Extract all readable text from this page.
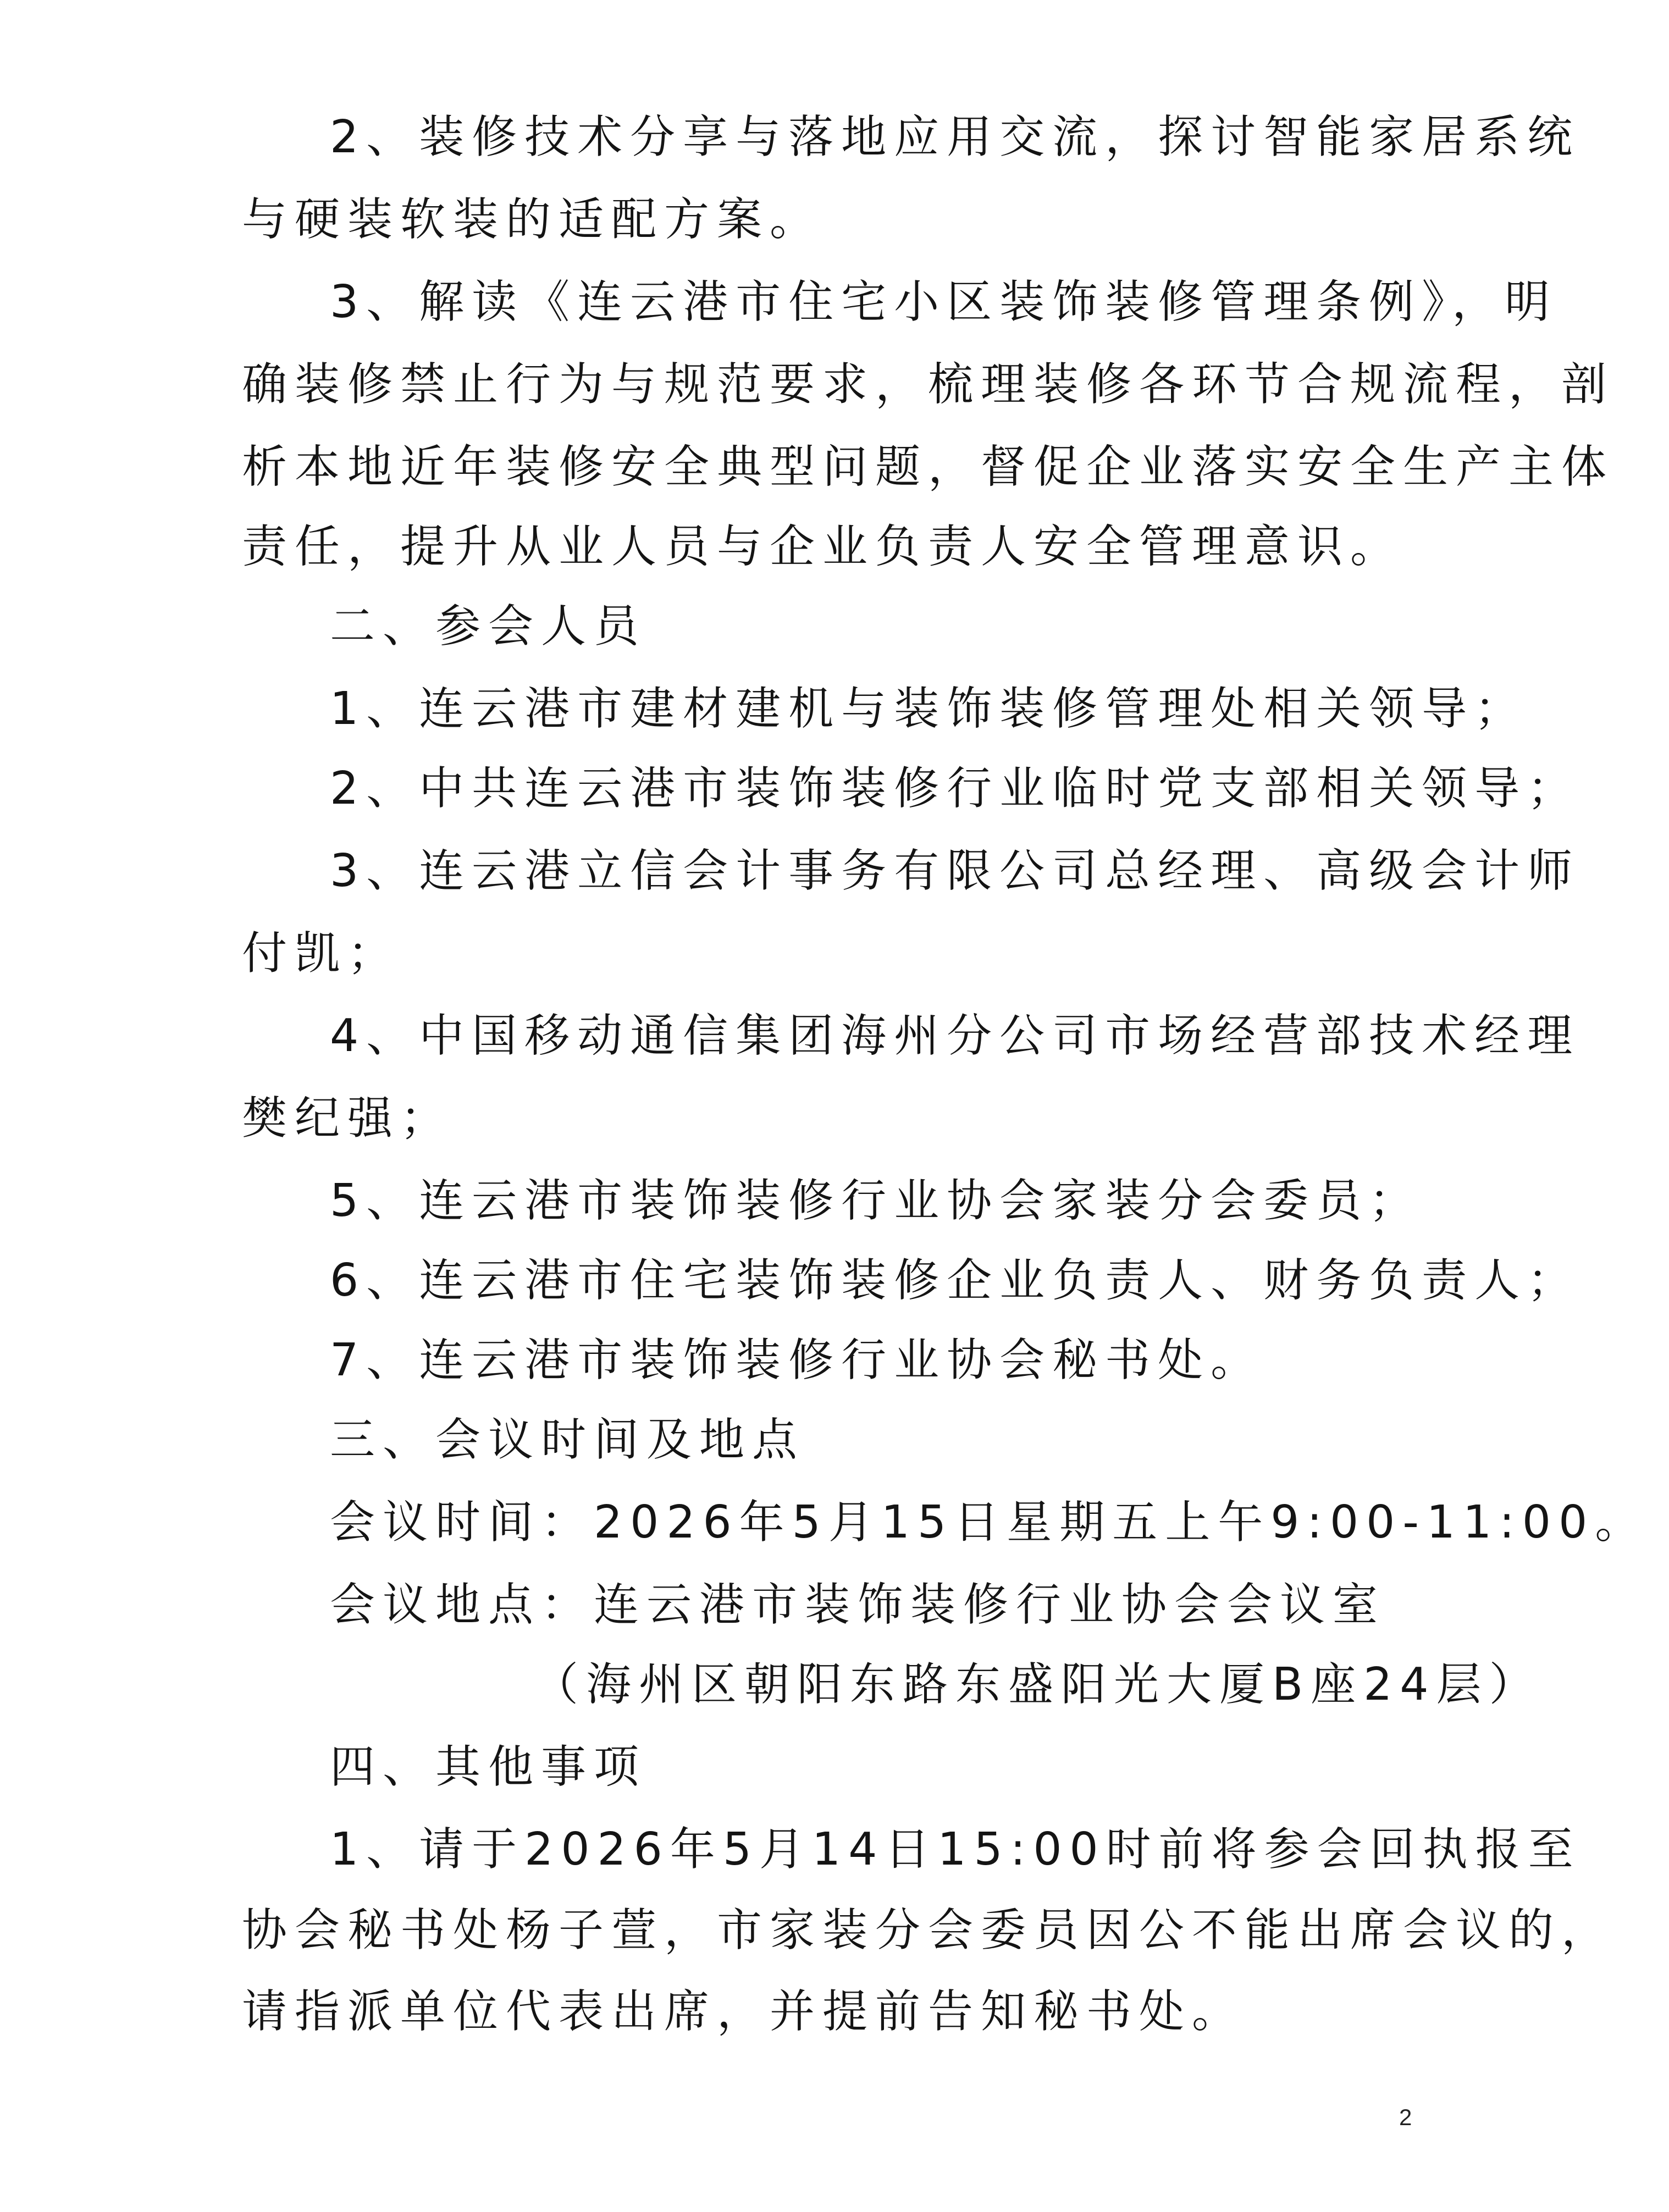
2、装修技术分享与落地应用交流，探讨智能家居系统
与硬装软装的适配方案。
3、解读《连云港市住宅小区装饰装修管理条例》，明
确装修禁止行为与规范要求，梳理装修各环节合规流程，剖
析本地近年装修安全典型问题，督促企业落实安全生产主体
责任，提升从业人员与企业负责人安全管理意识。
二、参会人员
1、连云港市建材建机与装饰装修管理处相关领导；
2、中共连云港市装饰装修行业临时党支部相关领导；
3、连云港立信会计事务有限公司总经理、高级会计师
付凯；
4、中国移动通信集团海州分公司市场经营部技术经理
樊纪强；
5、连云港市装饰装修行业协会家装分会委员；
6、连云港市住宅装饰装修企业负责人、财务负责人；
7、连云港市装饰装修行业协会秘书处。
三、会议时间及地点
会议时间：2026年5月15日星期五上午9:00-11:00。
会议地点：连云港市装饰装修行业协会会议室
（海州区朝阳东路东盛阳光大厦B座24层）
四、其他事项
1、请于2026年5月14日15:00时前将参会回执报至
协会秘书处杨子萱，市家装分会委员因公不能出席会议的，
请指派单位代表出席，并提前告知秘书处。
2
